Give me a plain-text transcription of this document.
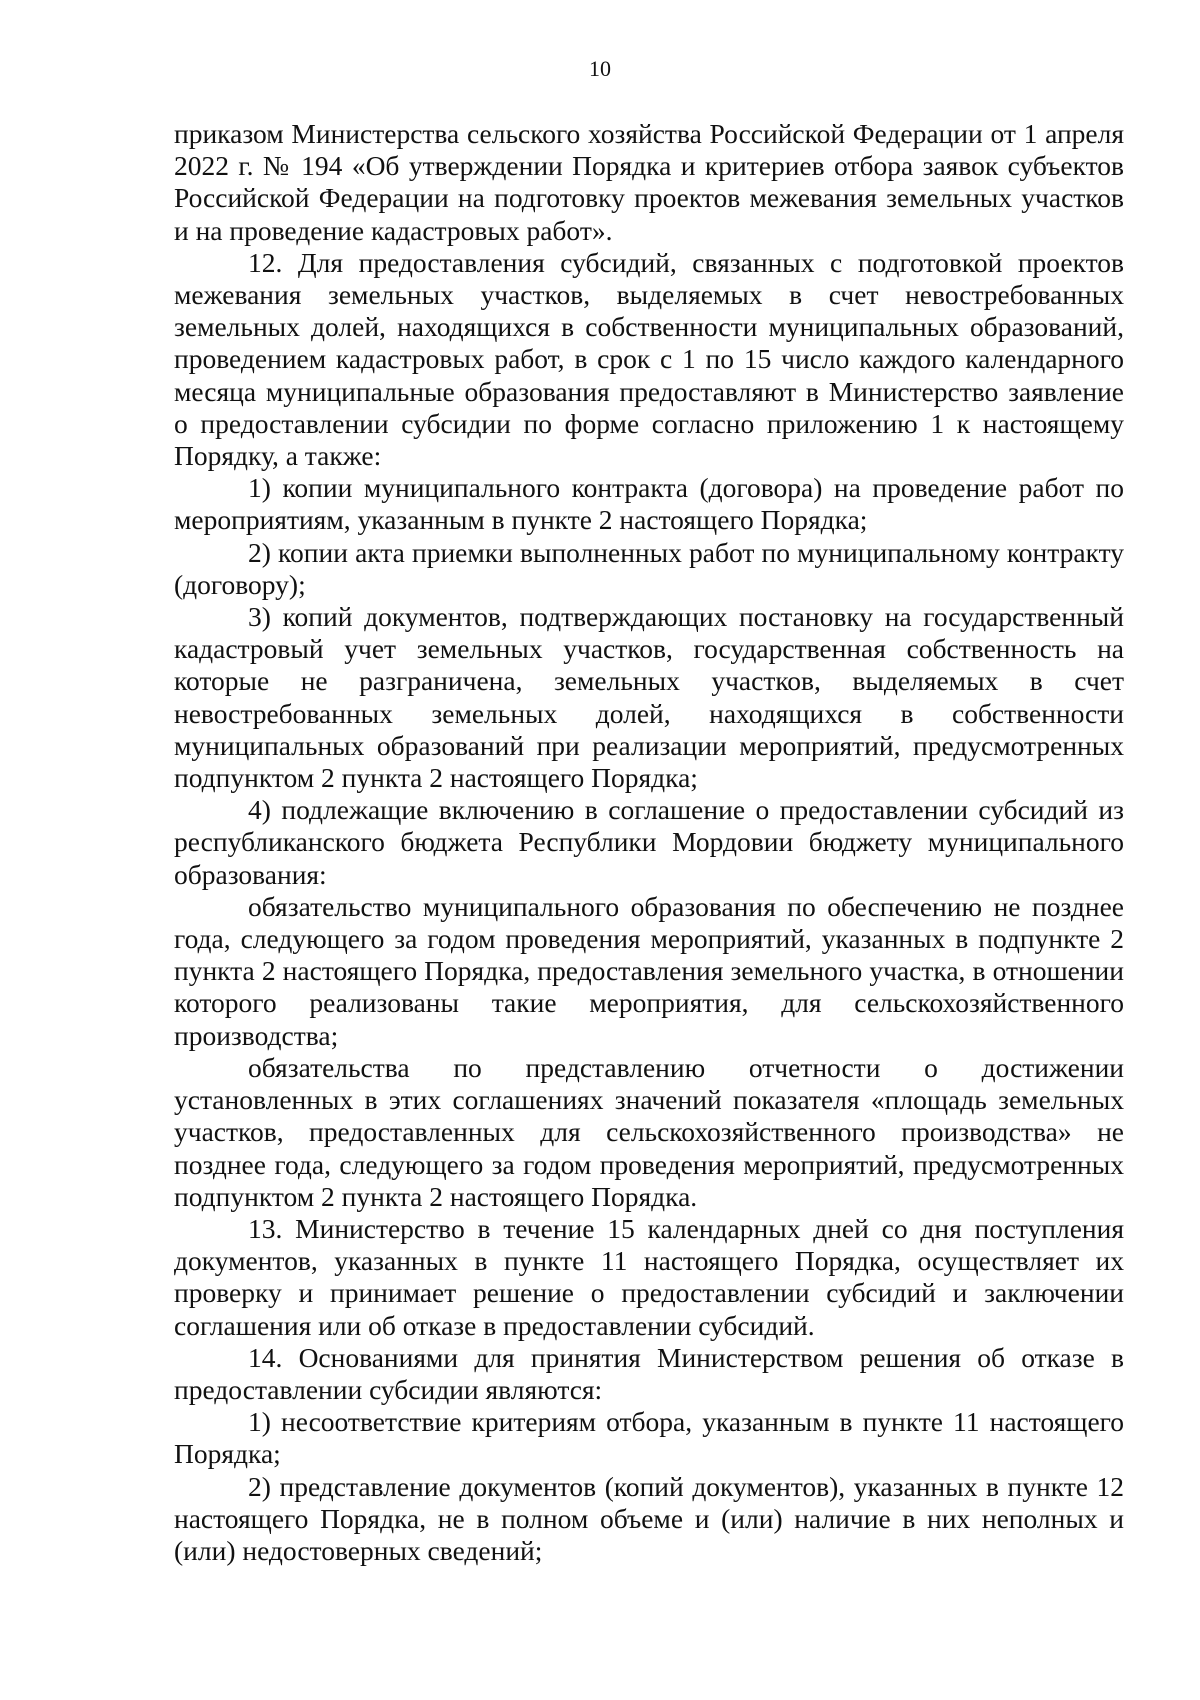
10

приказом Министерства сельского хозяйства Российской Федерации от 1 апреля 2022 г. № 194 «Об утверждении Порядка и критериев отбора заявок субъектов Российской Федерации на подготовку проектов межевания земельных участков и на проведение кадастровых работ».

12. Для предоставления субсидий, связанных с подготовкой проектов межевания земельных участков, выделяемых в счет невостребованных земельных долей, находящихся в собственности муниципальных образований, проведением кадастровых работ, в срок с 1 по 15 число каждого календарного месяца муниципальные образования предоставляют в Министерство заявление о предоставлении субсидии по форме согласно приложению 1 к настоящему Порядку, а также:

1) копии муниципального контракта (договора) на проведение работ по мероприятиям, указанным в пункте 2 настоящего Порядка;

2) копии акта приемки выполненных работ по муниципальному контракту (договору);

3) копий документов, подтверждающих постановку на государственный кадастровый учет земельных участков, государственная собственность на которые не разграничена, земельных участков, выделяемых в счет невостребованных земельных долей, находящихся в собственности муниципальных образований при реализации мероприятий, предусмотренных подпунктом 2 пункта 2 настоящего Порядка;

4) подлежащие включению в соглашение о предоставлении субсидий из республиканского бюджета Республики Мордовии бюджету муниципального образования:

обязательство муниципального образования по обеспечению не позднее года, следующего за годом проведения мероприятий, указанных в подпункте 2 пункта 2 настоящего Порядка, предоставления земельного участка, в отношении которого реализованы такие мероприятия, для сельскохозяйственного производства;

обязательства по представлению отчетности о достижении установленных в этих соглашениях значений показателя «площадь земельных участков, предоставленных для сельскохозяйственного производства» не позднее года, следующего за годом проведения мероприятий, предусмотренных подпунктом 2 пункта 2 настоящего Порядка.

13. Министерство в течение 15 календарных дней со дня поступления документов, указанных в пункте 11 настоящего Порядка, осуществляет их проверку и принимает решение о предоставлении субсидий и заключении соглашения или об отказе в предоставлении субсидий.

14. Основаниями для принятия Министерством решения об отказе в предоставлении субсидии являются:

1) несоответствие критериям отбора, указанным в пункте 11 настоящего Порядка;

2) представление документов (копий документов), указанных в пункте 12 настоящего Порядка, не в полном объеме и (или) наличие в них неполных и (или) недостоверных сведений;
